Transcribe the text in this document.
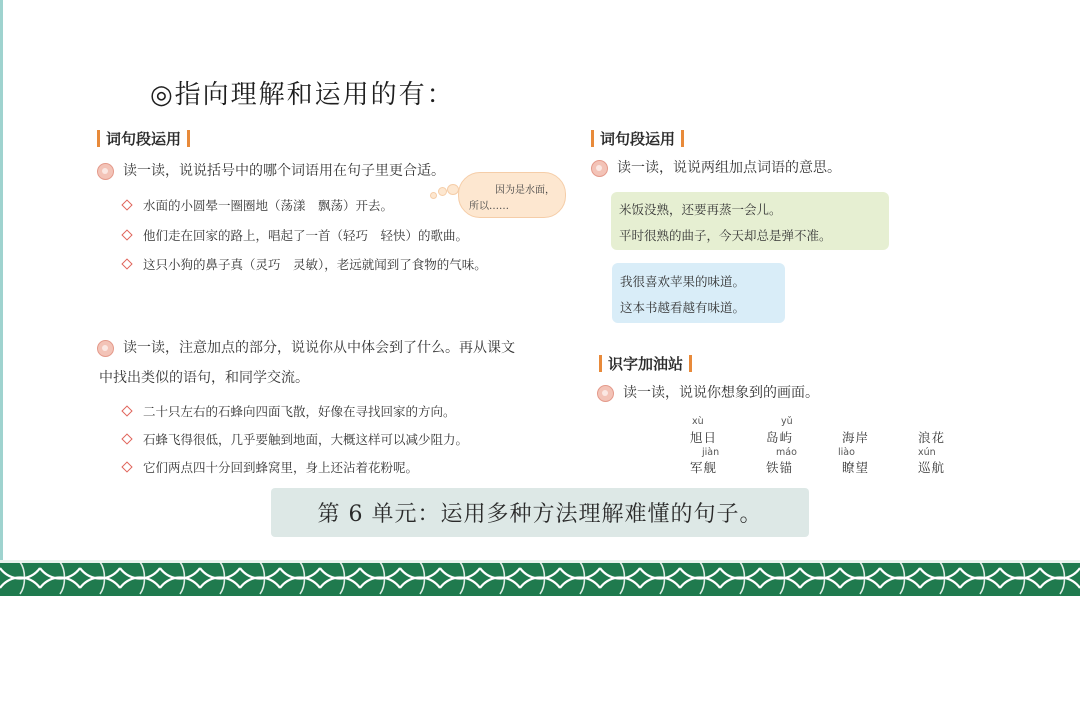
◎指向理解和运用的有：
词句段运用
读一读，说说括号中的哪个词语用在句子里更合适。
水面的小圆晕一圈圈地（荡漾　飘荡）开去。
他们走在回家的路上，唱起了一首（轻巧　轻快）的歌曲。
这只小狗的鼻子真（灵巧　灵敏），老远就闻到了食物的气味。
因为是水面，
所以……
读一读，注意加点的部分，说说你从中体会到了什么。再从课文
中找出类似的语句，和同学交流。
二十只左右的石蜂向四面飞散，好像在寻找回家的方向。
石蜂飞得很低，几乎要触到地面，大概这样可以减少阻力。
它们两点四十分回到蜂窝里，身上还沾着花粉呢。
词句段运用
读一读，说说两组加点词语的意思。
米饭没熟，还要再蒸一会儿。
平时很熟的曲子，今天却总是弹不准。
我很喜欢苹果的味道。
这本书越看越有味道。
识字加油站
读一读，说说你想象到的画面。
xù	yǔ
旭日	岛屿	海岸	浪花
jiàn	máo	liào	xún
军舰	铁锚	瞭望	巡航
第 6 单元：运用多种方法理解难懂的句子。
